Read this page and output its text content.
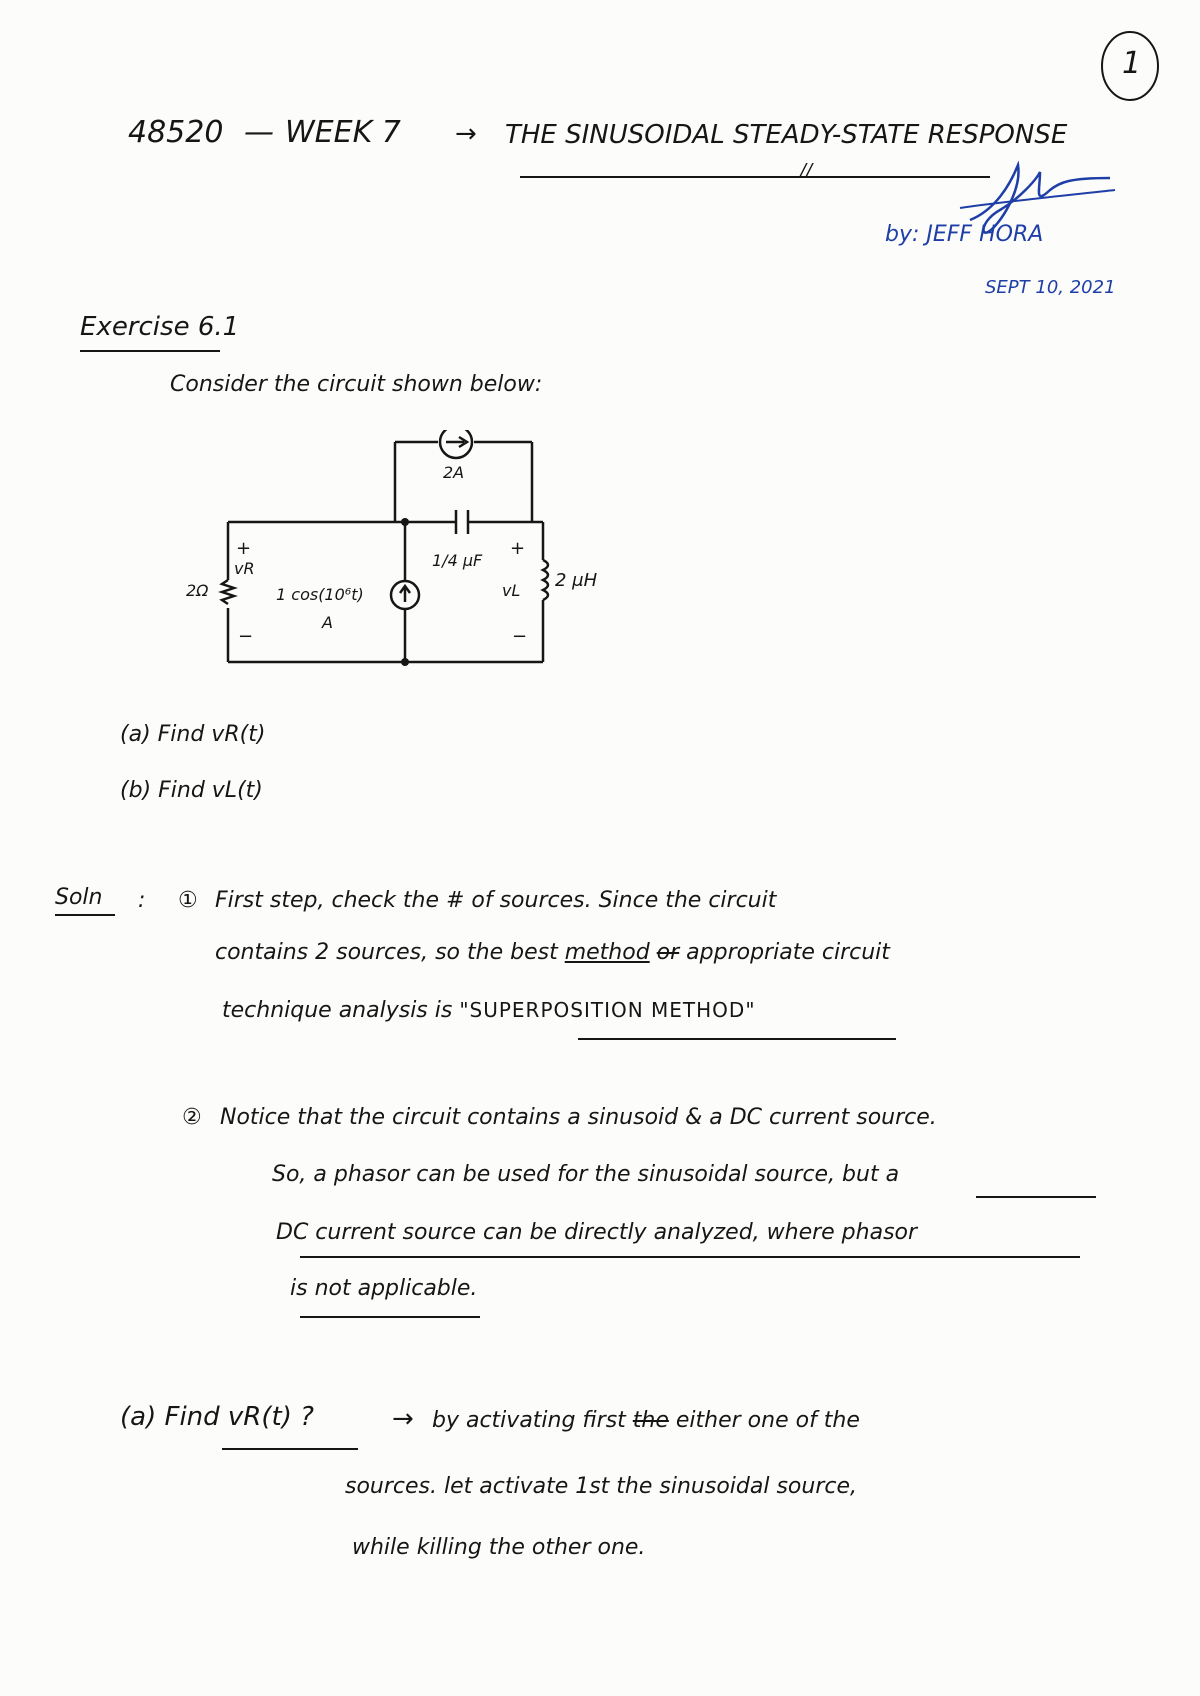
1
48520 — WEEK 7 → THE SINUSOIDAL STEADY-STATE RESPONSE
//
by: JEFF HORA
SEPT 10, 2021
Exercise 6.1
Consider the circuit shown below:
2A
1/4 μF
2 μH
2Ω	1 cos(10⁶t)
A
+
vR
−
+
vL
−
(a) Find vR(t)
(b) Find vL(t)
Soln : ① First step, check the # of sources. Since the circuit
contains 2 sources, so the best method or appropriate circuit
technique analysis is "SUPERPOSITION METHOD"
② Notice that the circuit contains a sinusoid & a DC current source.
So, a phasor can be used for the sinusoidal source, but a
DC current source can be directly analyzed, where phasor
is not applicable.
(a) Find vR(t) ?	→ by activating first the either one of the
sources. let activate 1st the sinusoidal source,
while killing the other one.
